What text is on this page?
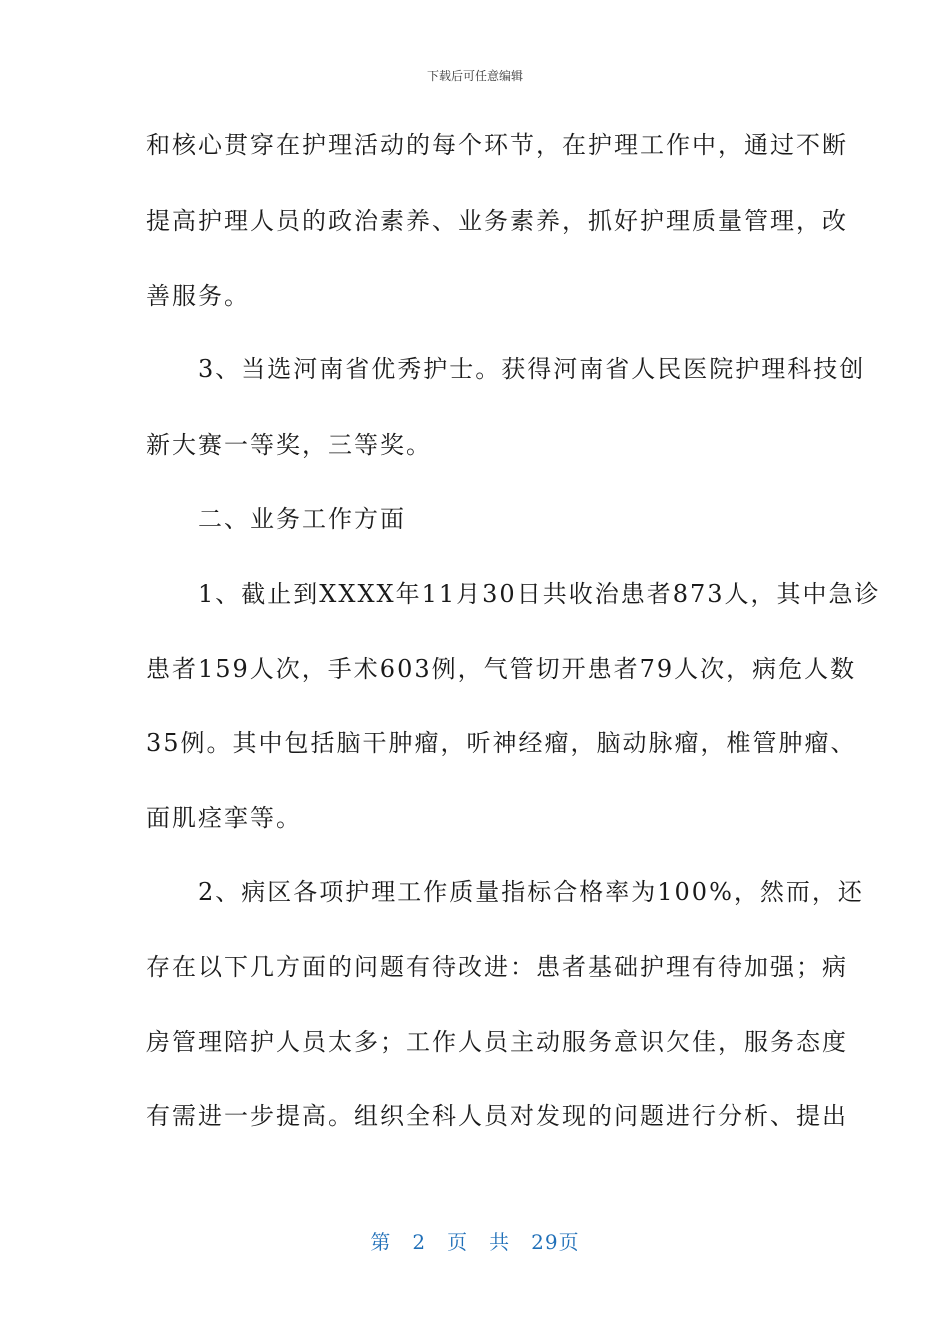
下载后可任意编辑
和核心贯穿在护理活动的每个环节，在护理工作中，通过不断
提高护理人员的政治素养、业务素养，抓好护理质量管理，改
善服务。
　　3、当选河南省优秀护士。获得河南省人民医院护理科技创
新大赛一等奖，三等奖。
　　二、业务工作方面
　　1、截止到XXXX年11月30日共收治患者873人，其中急诊
患者159人次，手术603例，气管切开患者79人次，病危人数
35例。其中包括脑干肿瘤，听神经瘤，脑动脉瘤，椎管肿瘤、
面肌痉挛等。
　　2、病区各项护理工作质量指标合格率为100%，然而，还
存在以下几方面的问题有待改进：患者基础护理有待加强；病
房管理陪护人员太多；工作人员主动服务意识欠佳，服务态度
有需进一步提高。组织全科人员对发现的问题进行分析、提出
第　2　页　共　29页
